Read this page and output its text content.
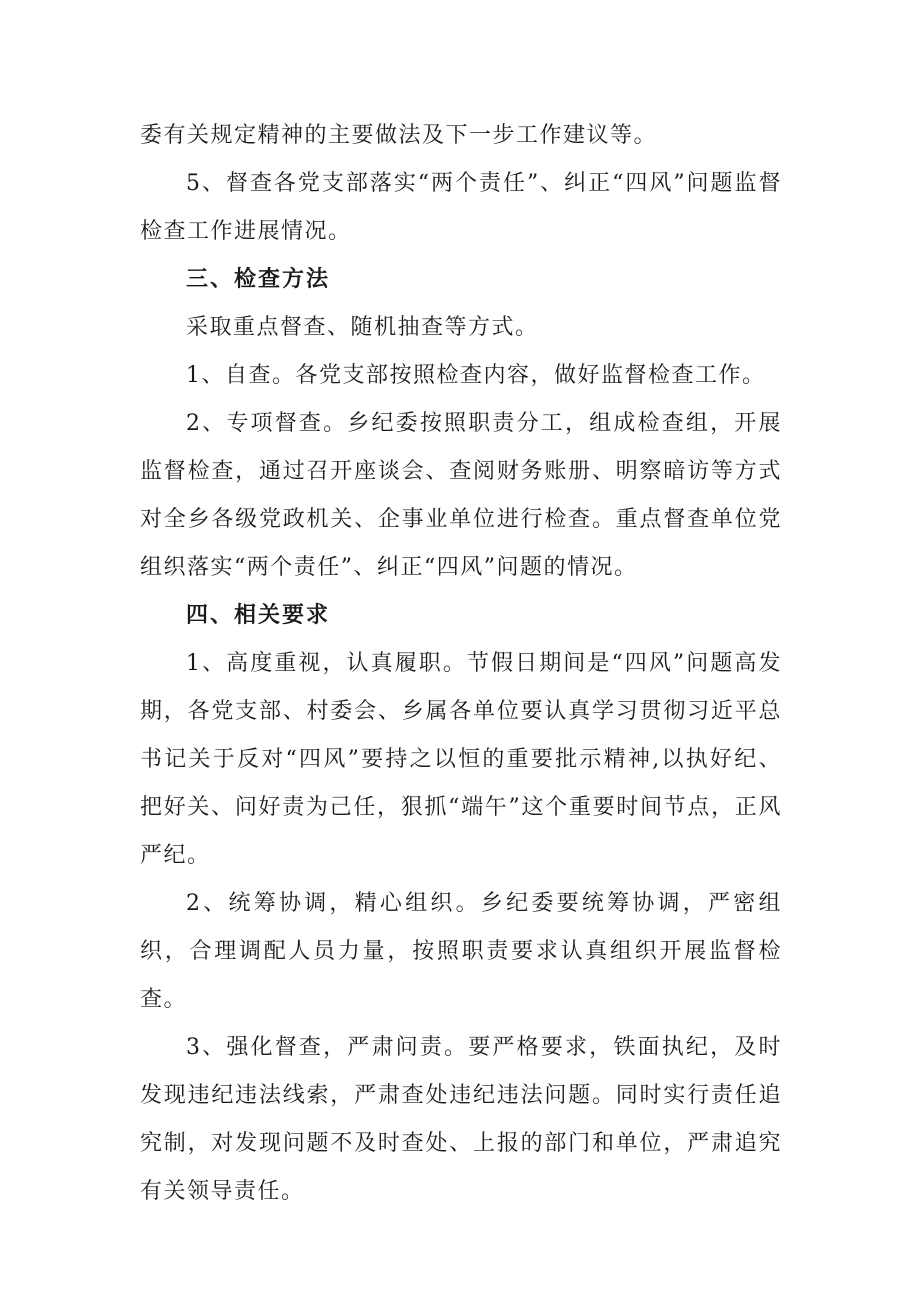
委有关规定精神的主要做法及下一步工作建议等。

5、督查各党支部落实“两个责任”、纠正“四风”问题监督检查工作进展情况。

三、检查方法

采取重点督查、随机抽查等方式。

1、自查。各党支部按照检查内容，做好监督检查工作。

2、专项督查。乡纪委按照职责分工，组成检查组，开展监督检查，通过召开座谈会、查阅财务账册、明察暗访等方式对全乡各级党政机关、企事业单位进行检查。重点督查单位党组织落实“两个责任”、纠正“四风”问题的情况。

四、相关要求

1、高度重视，认真履职。节假日期间是“四风”问题高发期，各党支部、村委会、乡属各单位要认真学习贯彻习近平总书记关于反对“四风”要持之以恒的重要批示精神,以执好纪、把好关、问好责为己任，狠抓“端午”这个重要时间节点，正风严纪。

2、统筹协调，精心组织。乡纪委要统筹协调，严密组织，合理调配人员力量，按照职责要求认真组织开展监督检查。

3、强化督查，严肃问责。要严格要求，铁面执纪，及时发现违纪违法线索，严肃查处违纪违法问题。同时实行责任追究制，对发现问题不及时查处、上报的部门和单位，严肃追究有关领导责任。
